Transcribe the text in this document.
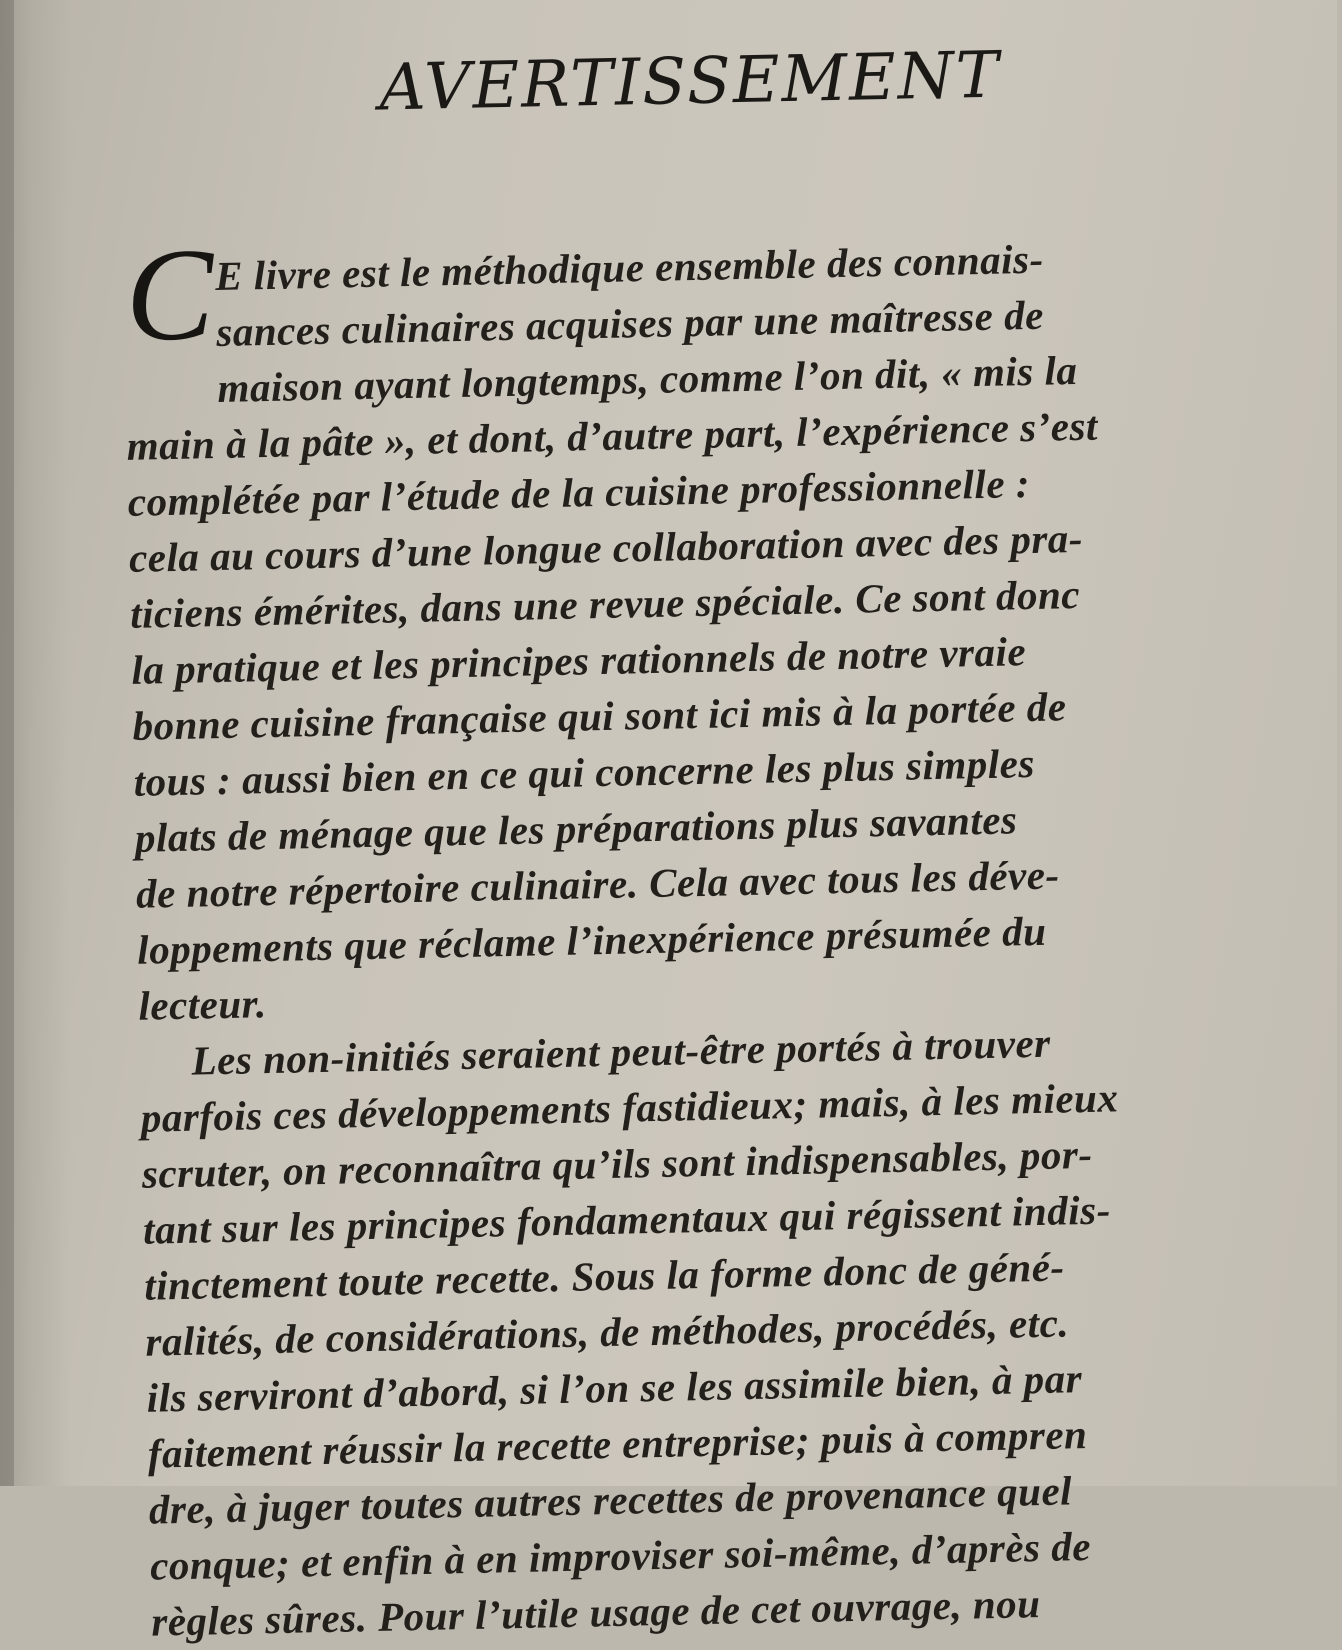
AVERTISSEMENT
C E livre est le méthodique ensemble des connais-
sances culinaires acquises par une maîtresse de
maison ayant longtemps, comme l’on dit, « mis la
main à la pâte », et dont, d’autre part, l’expérience s’est
complétée par l’étude de la cuisine professionnelle :
cela au cours d’une longue collaboration avec des pra-
ticiens émérites, dans une revue spéciale. Ce sont donc
la pratique et les principes rationnels de notre vraie
bonne cuisine française qui sont ici mis à la portée de
tous : aussi bien en ce qui concerne les plus simples
plats de ménage que les préparations plus savantes
de notre répertoire culinaire. Cela avec tous les déve-
loppements que réclame l’inexpérience présumée du
lecteur.
Les non-initiés seraient peut-être portés à trouver
parfois ces développements fastidieux; mais, à les mieux
scruter, on reconnaîtra qu’ils sont indispensables, por-
tant sur les principes fondamentaux qui régissent indis-
tinctement toute recette. Sous la forme donc de géné-
ralités, de considérations, de méthodes, procédés, etc.
ils serviront d’abord, si l’on se les assimile bien, à par
faitement réussir la recette entreprise; puis à compren
dre, à juger toutes autres recettes de provenance quel
conque; et enfin à en improviser soi-même, d’après de
règles sûres. Pour l’utile usage de cet ouvrage, nou
